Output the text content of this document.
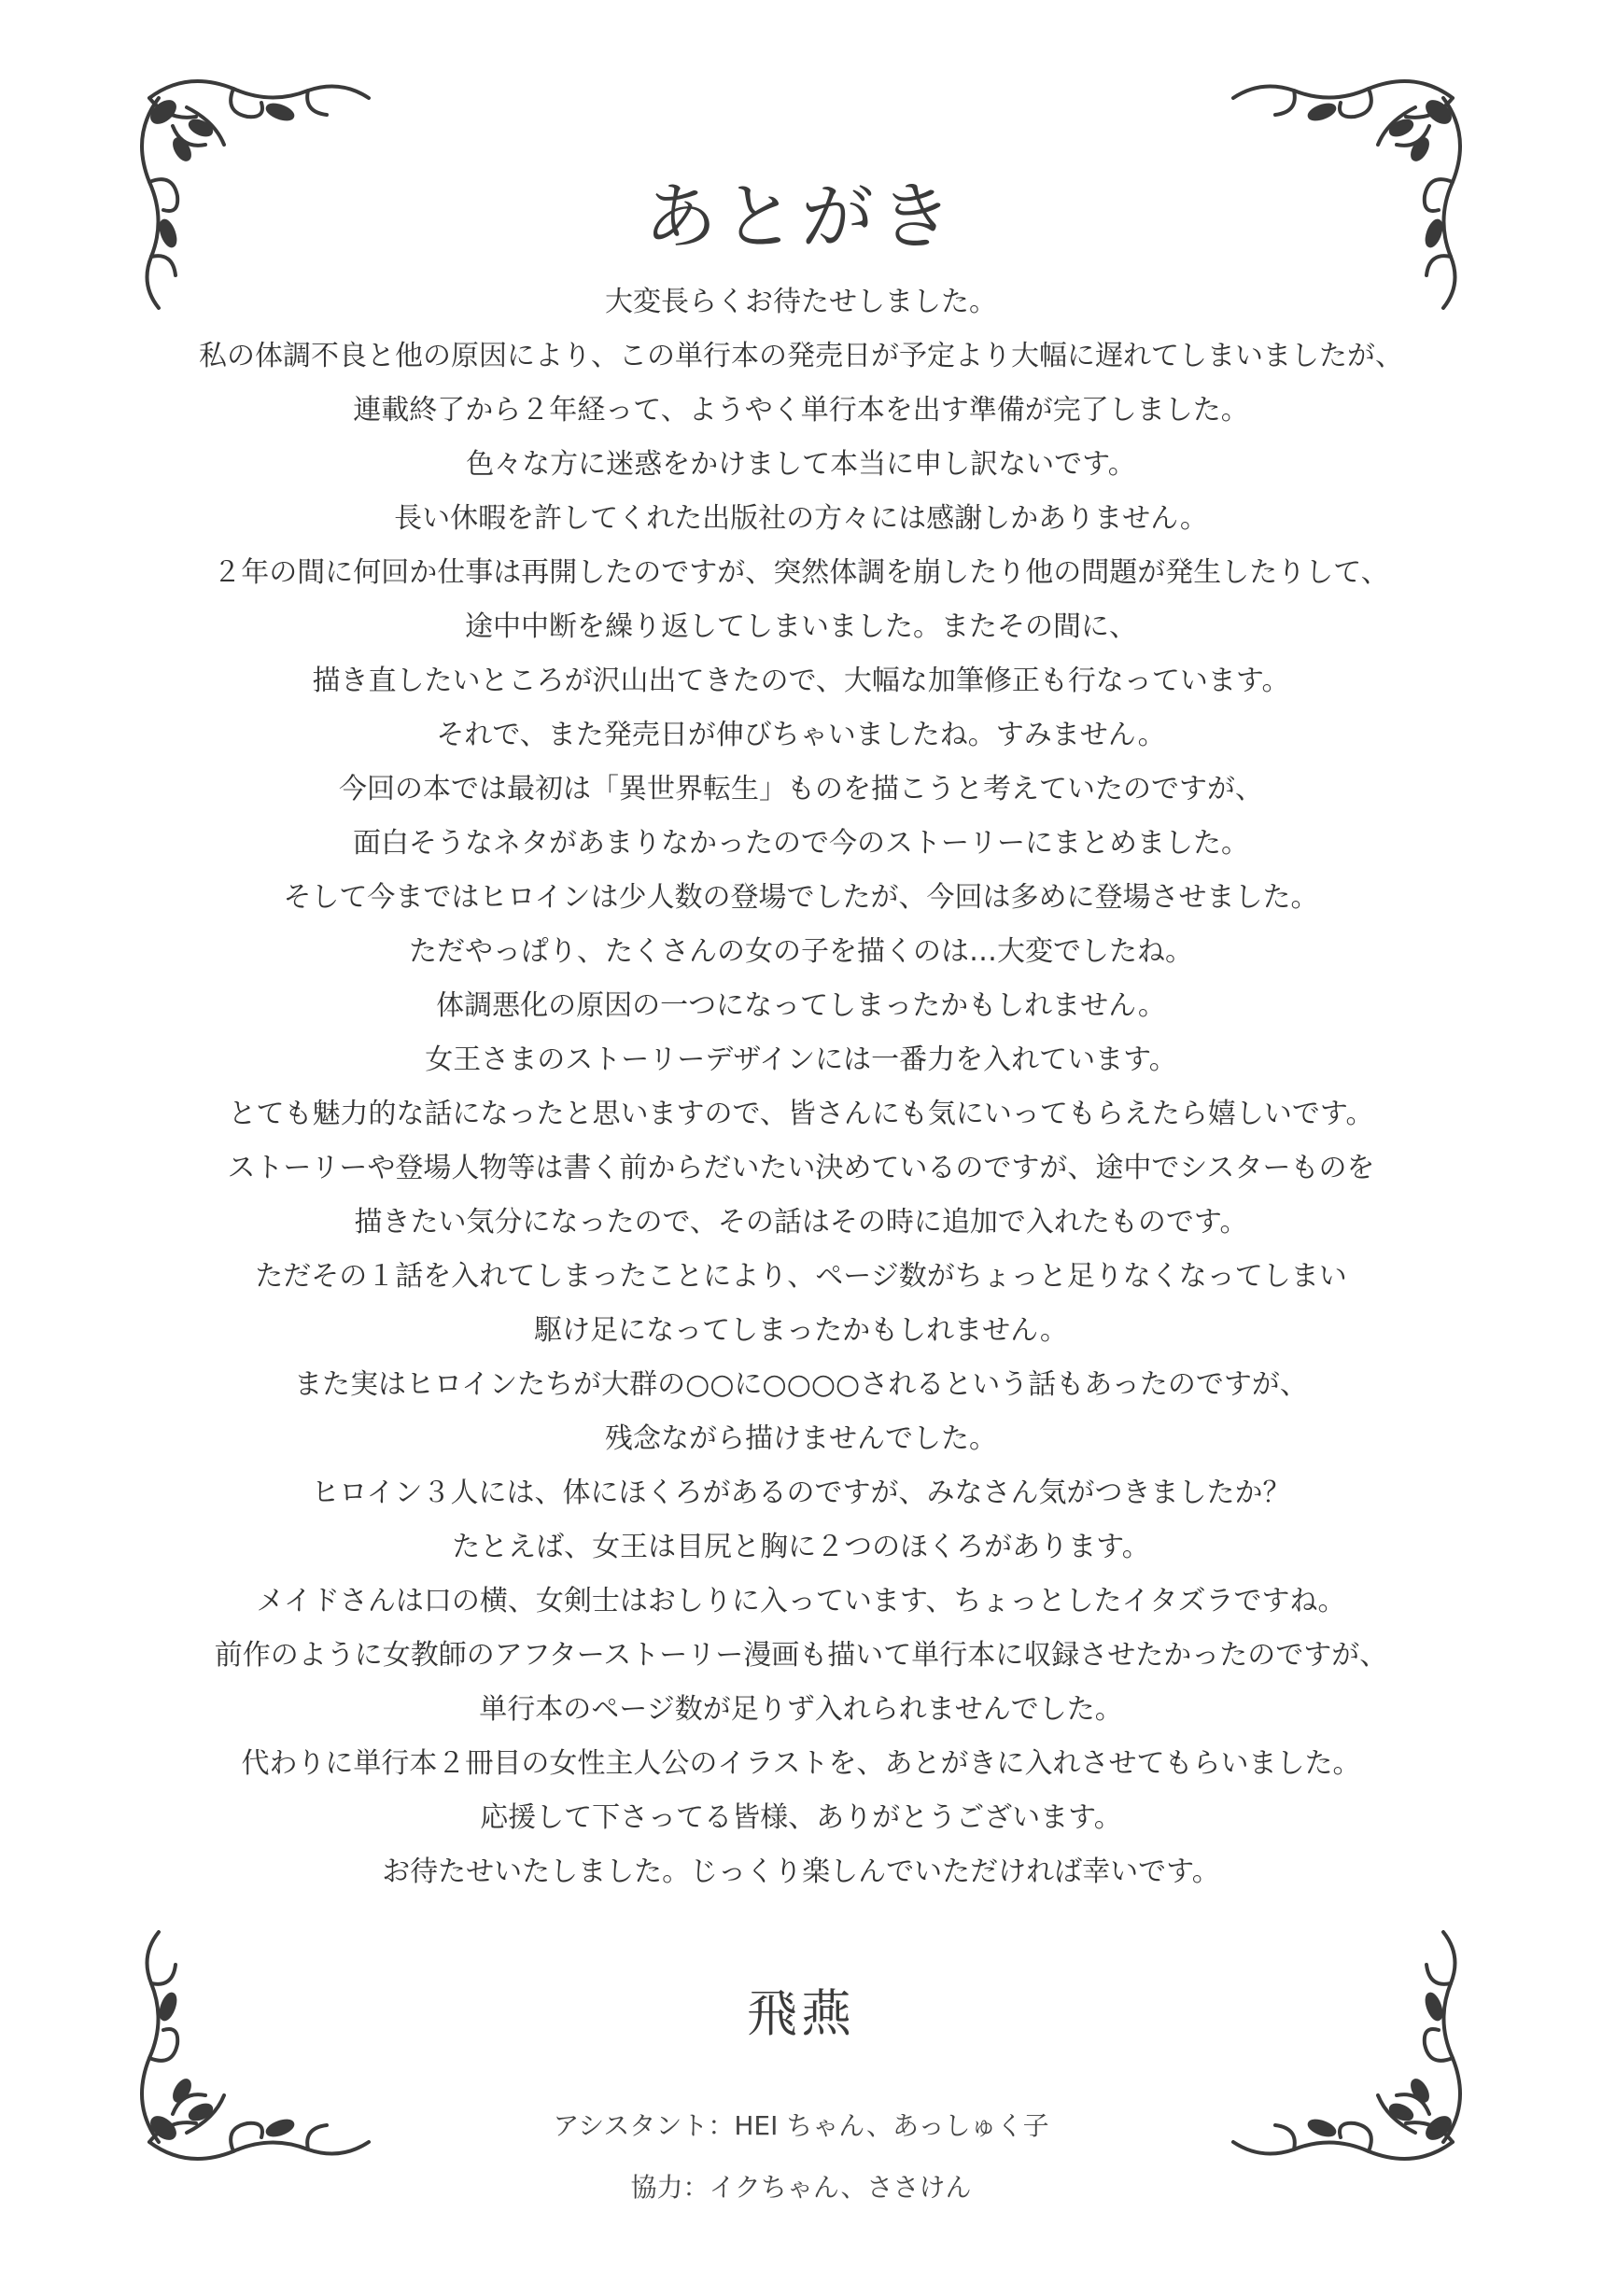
あとがき
大変長らくお待たせしました。
私の体調不良と他の原因により、この単行本の発売日が予定より大幅に遅れてしまいましたが、
連載終了から２年経って、ようやく単行本を出す準備が完了しました。
色々な方に迷惑をかけまして本当に申し訳ないです。
長い休暇を許してくれた出版社の方々には感謝しかありません。
２年の間に何回か仕事は再開したのですが、突然体調を崩したり他の問題が発生したりして、
途中中断を繰り返してしまいました。またその間に、
描き直したいところが沢山出てきたので、大幅な加筆修正も行なっています。
それで、また発売日が伸びちゃいましたね。すみません。
今回の本では最初は「異世界転生」ものを描こうと考えていたのですが、
面白そうなネタがあまりなかったので今のストーリーにまとめました。
そして今まではヒロインは少人数の登場でしたが、今回は多めに登場させました。
ただやっぱり、たくさんの女の子を描くのは…大変でしたね。
体調悪化の原因の一つになってしまったかもしれません。
女王さまのストーリーデザインには一番力を入れています。
とても魅力的な話になったと思いますので、皆さんにも気にいってもらえたら嬉しいです。
ストーリーや登場人物等は書く前からだいたい決めているのですが、途中でシスターものを
描きたい気分になったので、その話はその時に追加で入れたものです。
ただその１話を入れてしまったことにより、ページ数がちょっと足りなくなってしまい
駆け足になってしまったかもしれません。
また実はヒロインたちが大群の○○に○○○○されるという話もあったのですが、
残念ながら描けませんでした。
ヒロイン３人には、体にほくろがあるのですが、みなさん気がつきましたか？
たとえば、女王は目尻と胸に２つのほくろがあります。
メイドさんは口の横、女剣士はおしりに入っています、ちょっとしたイタズラですね。
前作のように女教師のアフターストーリー漫画も描いて単行本に収録させたかったのですが、
単行本のページ数が足りず入れられませんでした。
代わりに単行本２冊目の女性主人公のイラストを、あとがきに入れさせてもらいました。
応援して下さってる皆様、ありがとうございます。
お待たせいたしました。じっくり楽しんでいただければ幸いです。
飛燕
アシスタント：HEI ちゃん、あっしゅく子
協力：イクちゃん、ささけん
